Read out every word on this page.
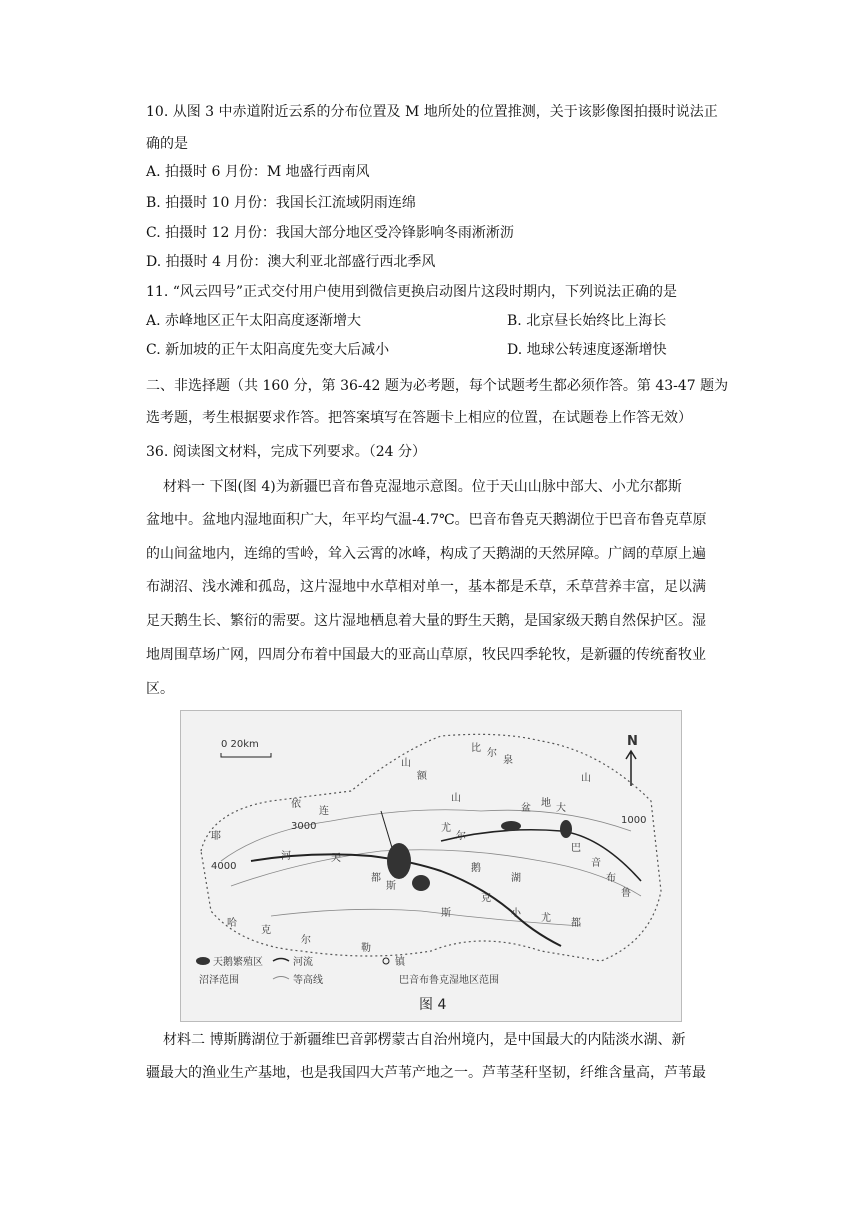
10. 从图 3 中赤道附近云系的分布位置及 M 地所处的位置推测，关于该影像图拍摄时说法正
确的是
A. 拍摄时 6 月份：M 地盛行西南风
B. 拍摄时 10 月份：我国长江流域阴雨连绵
C. 拍摄时 12 月份：我国大部分地区受冷锋影响冬雨淅淅沥
D. 拍摄时 4 月份：澳大利亚北部盛行西北季风
11. “风云四号”正式交付用户使用到微信更换启动图片这段时期内，下列说法正确的是
A. 赤峰地区正午太阳高度逐渐增大	B. 北京昼长始终比上海长
C. 新加坡的正午太阳高度先变大后减小	D. 地球公转速度逐渐增快
二、非选择题（共 160 分，第 36-42 题为必考题，每个试题考生都必须作答。第 43-47 题为
选考题，考生根据要求作答。把答案填写在答题卡上相应的位置，在试题卷上作答无效）
36. 阅读图文材料，完成下列要求。（24 分）
材料一 下图(图 4)为新疆巴音布鲁克湿地示意图。位于天山山脉中部大、小尤尔都斯
盆地中。盆地内湿地面积广大，年平均气温-4.7℃。巴音布鲁克天鹅湖位于巴音布鲁克草原
的山间盆地内，连绵的雪岭，耸入云霄的冰峰，构成了天鹅湖的天然屏障。广阔的草原上遍
布湖沼、浅水滩和孤岛，这片湿地中水草相对单一，基本都是禾草，禾草营养丰富，足以满
足天鹅生长、繁衍的需要。这片湿地栖息着大量的野生天鹅，是国家级天鹅自然保护区。湿
地周围草场广网，四周分布着中国最大的亚高山草原，牧民四季轮牧，是新疆的传统畜牧业
区。
0 20km	N
3000
4000
1000
天鹅繁殖区	河流
沼泽范围	等高线
镇
巴音布鲁克湿地区范围
图 4
耶
依
连
哈
克
尔
勒
山
额
比 尔
泉
山
山
河	天
鹅
湖
巴
音
布
鲁
克
小 尤 都
斯
盆 地 大
尤
尔
都
斯
材料二 博斯腾湖位于新疆维巴音郭楞蒙古自治州境内，是中国最大的内陆淡水湖、新
疆最大的渔业生产基地，也是我国四大芦苇产地之一。芦苇茎秆坚韧，纤维含量高，芦苇最
